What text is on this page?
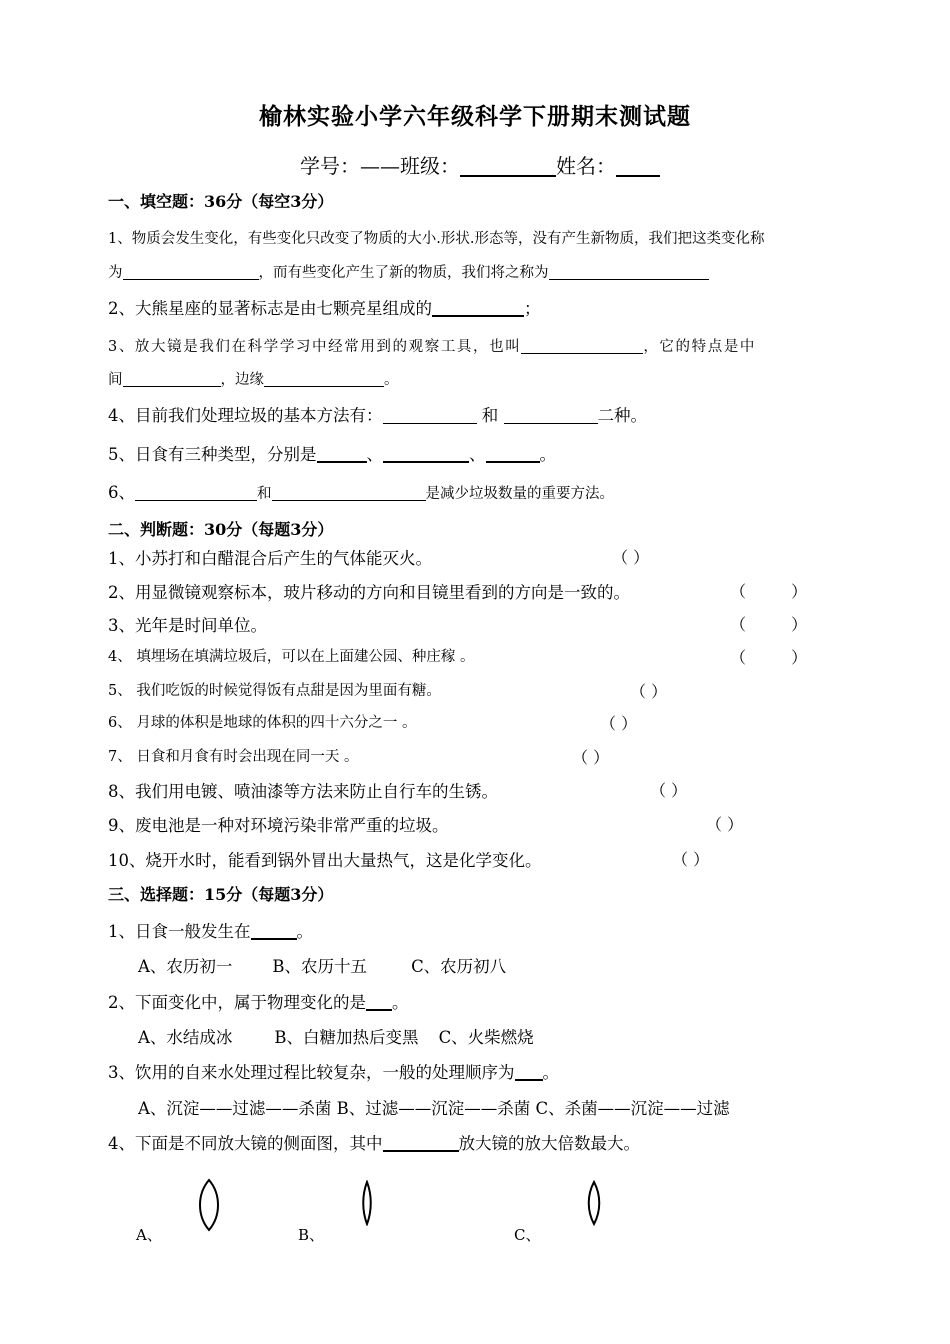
榆林实验小学六年级科学下册期末测试题
学号：——班级：	姓名：
一、填空题：36分（每空3分）
1、物质会发生变化，有些变化只改变了物质的大小.形状.形态等，没有产生新物质，我们把这类变化称
为	，而有些变化产生了新的物质，我们将之称为
2、大熊星座的显著标志是由七颗亮星组成的	；
3、放大镜是我们在科学学习中经常用到的观察工具，也叫	，它的特点是中
间	，边缘	。
4、目前我们处理垃圾的基本方法有：	和	二种。
5、日食有三种类型，分别是	、	、	。
6、	和	是减少垃圾数量的重要方法。
二、判断题：30分（每题3分）
1、小苏打和白醋混合后产生的气体能灭火。	（ ）
2、用显微镜观察标本，玻片移动的方向和目镜里看到的方向是一致的。	（ ）
3、光年是时间单位。	（ ）
4、 填埋场在填满垃圾后，可以在上面建公园、种庄稼 。	（ ）
5、 我们吃饭的时候觉得饭有点甜是因为里面有糖。	（ ）
6、 月球的体积是地球的体积的四十六分之一 。	（ ）
7、 日食和月食有时会出现在同一天 。	（ ）
8、我们用电镀、喷油漆等方法来防止自行车的生锈。	（ ）
9、废电池是一种对环境污染非常严重的垃圾。	（ ）
10、烧开水时，能看到锅外冒出大量热气，这是化学变化。	（ ）
三、选择题：15分（每题3分）
1、日食一般发生在	。
A、农历初一 B、农历十五	C、农历初八
2、下面变化中，属于物理变化的是 。
A、水结成冰	B、白糖加热后变黑 C、火柴燃烧
3、饮用的自来水处理过程比较复杂，一般的处理顺序为 。
A、沉淀——过滤——杀菌 B、过滤——沉淀——杀菌 C、杀菌——沉淀——过滤
4、下面是不同放大镜的侧面图，其中	放大镜的放大倍数最大。
A、	B、	C、
